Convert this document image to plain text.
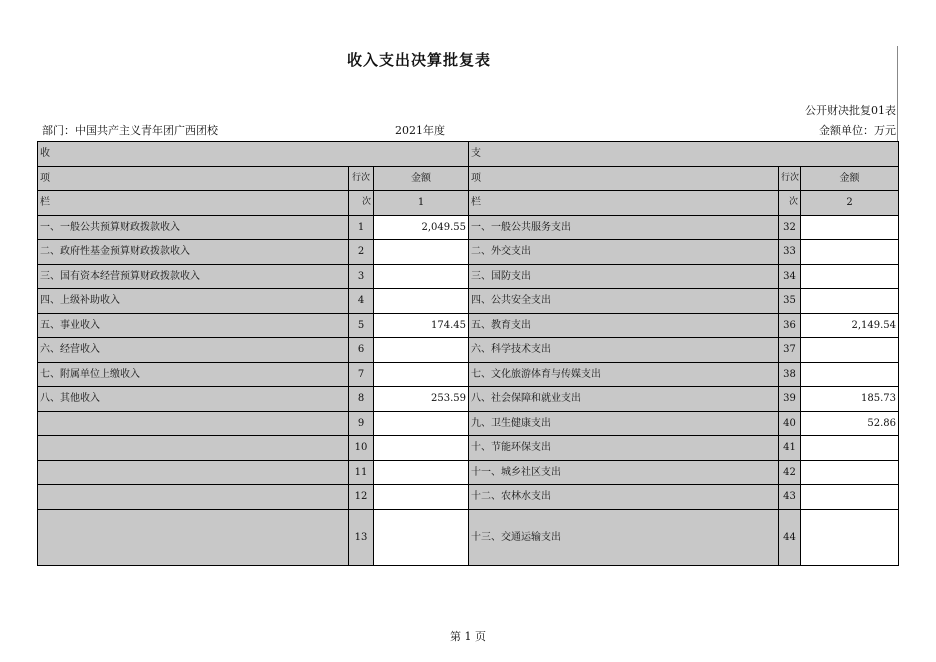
收入支出决算批复表
公开财决批复01表
部门：中国共产主义青年团广西团校	2021年度	金额单位：万元
收			支		
项	行次	金额	项	行次	金额
栏	次	1	栏	次	2
一、一般公共预算财政拨款收入	1	2,049.55	一、一般公共服务支出	32	
二、政府性基金预算财政拨款收入	2		二、外交支出	33	
三、国有资本经营预算财政拨款收入	3		三、国防支出	34	
四、上级补助收入	4		四、公共安全支出	35	
五、事业收入	5	174.45	五、教育支出	36	2,149.54
六、经营收入	6		六、科学技术支出	37	
七、附属单位上缴收入	7		七、文化旅游体育与传媒支出	38	
八、其他收入	8	253.59	八、社会保障和就业支出	39	185.73
	9		九、卫生健康支出	40	52.86
	10		十、节能环保支出	41	
	11		十一、城乡社区支出	42	
	12		十二、农林水支出	43	
	13		十三、交通运输支出	44	
第 1 页
